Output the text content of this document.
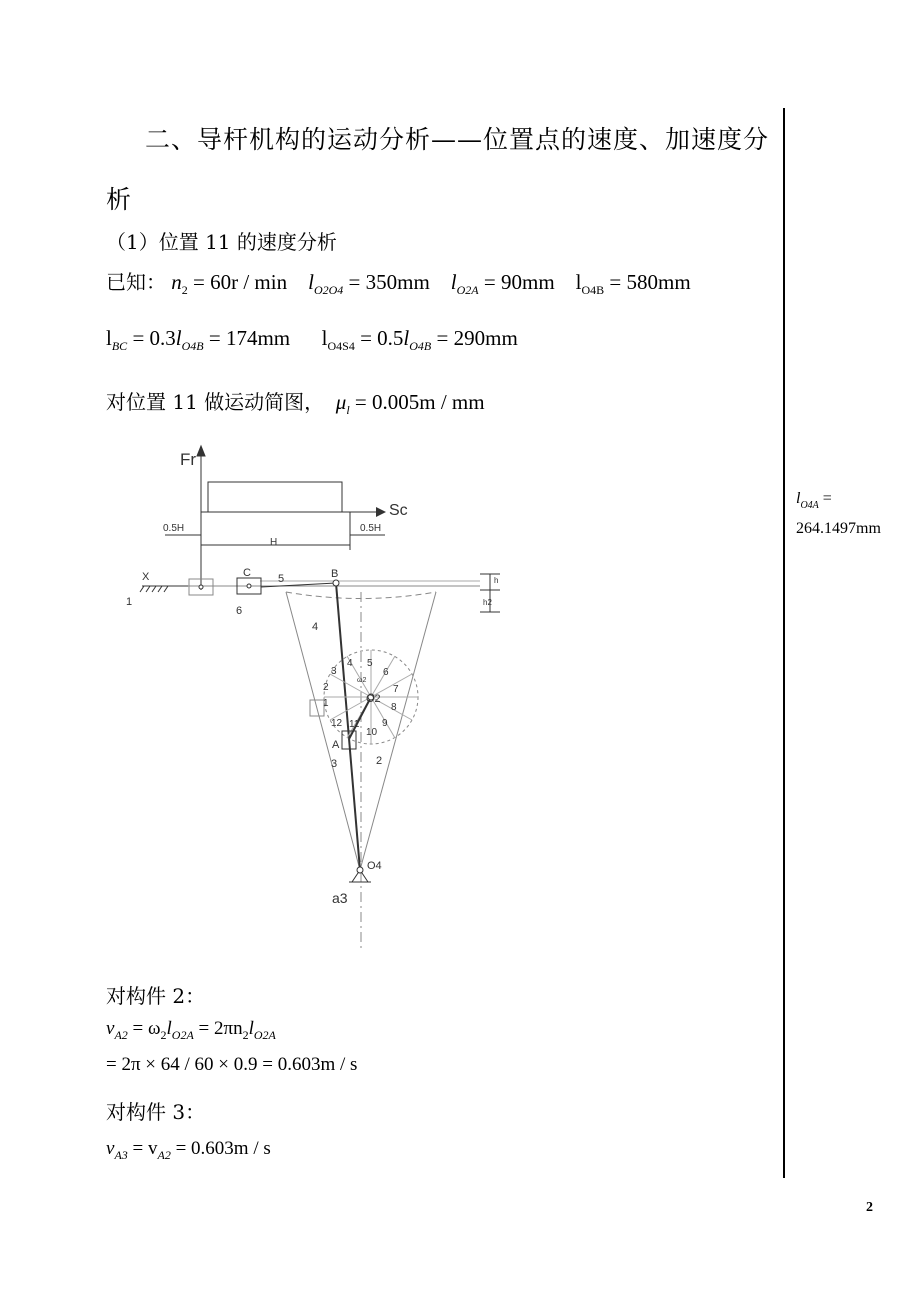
二、导杆机构的运动分析——位置点的速度、加速度分
析
（1）位置 11 的速度分析
已知： $n_2 = 60r / \min l_{O2O4} = 350mm$ $l_{O2A} = 90mm$ $l_{O4B} = 580mm$
$l_{BC} = 0.3l_{O4B} = 174mm$ $l_{O4S4} = 0.5l_{O4B} = 290mm$
对位置 11 做运动简图， $\mu_l = 0.005m$ / mm
Fr
Sc
0.5H	0.5H
H
X
1
C 5	B
6
4
h
h2
O2
ω2
A
3	2
O4
a3
1
2
3
4 5
6
7
8
9
10
11
12
$l_{O4A}$ =
264.1497mm
对构件 2：
$v_{A2} = \omega_2l_{O2A} = 2\pi n_2l_{O2A}$
= 2π × 64 / 60 × 0.9 = 0.603m / s
对构件 3：
$v_{A3} = v_{A2} = 0.603m / s$
2
